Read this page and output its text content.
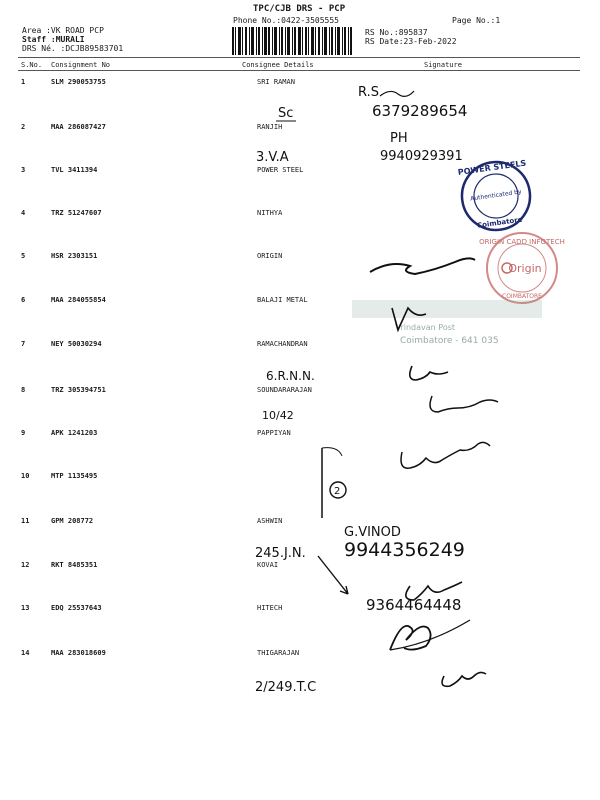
TPC/CJB DRS - PCP
Phone No.:0422-3505555	Page No.:1
Area :VK ROAD PCP
Staff :MURALI
DRS Né. :DCJB89583701
RS No.:895837
RS Date:23-Feb-2022
S.No. Consignment No	Consignee Details	Signature
1	SLM 290053755	SRI RAMAN
2	MAA 286087427	RANJIH
3	TVL 3411394	POWER STEEL
4	TRZ 51247607	NITHYA
5	HSR 2303151	ORIGIN
6	MAA 284055854	BALAJI METAL
7	NEY 50030294	RAMACHANDRAN
8	TRZ 305394751	SOUNDARARAJAN
9	APK 1241203	PAPPIYAN
10	MTP 1135495
11	GPM 208772	ASHWIN
12	RKT 8485351	KOVAI
13	EDQ 25537643	HITECH
14	MAA 283018609	THIGARAJAN
POWER STEELS
Authenticated by
Coimbatore
ORIGIN CADD INFOTECH
Origin
COIMBATORE
Vrindavan Post
Coimbatore - 641 035
R.S
Sc	6379289654
PH
3.V.A	9940929391
6.R.N.N.
10/42
2
G.VINOD
245.J.N. 9944356249
9364464448
2/249.T.C
